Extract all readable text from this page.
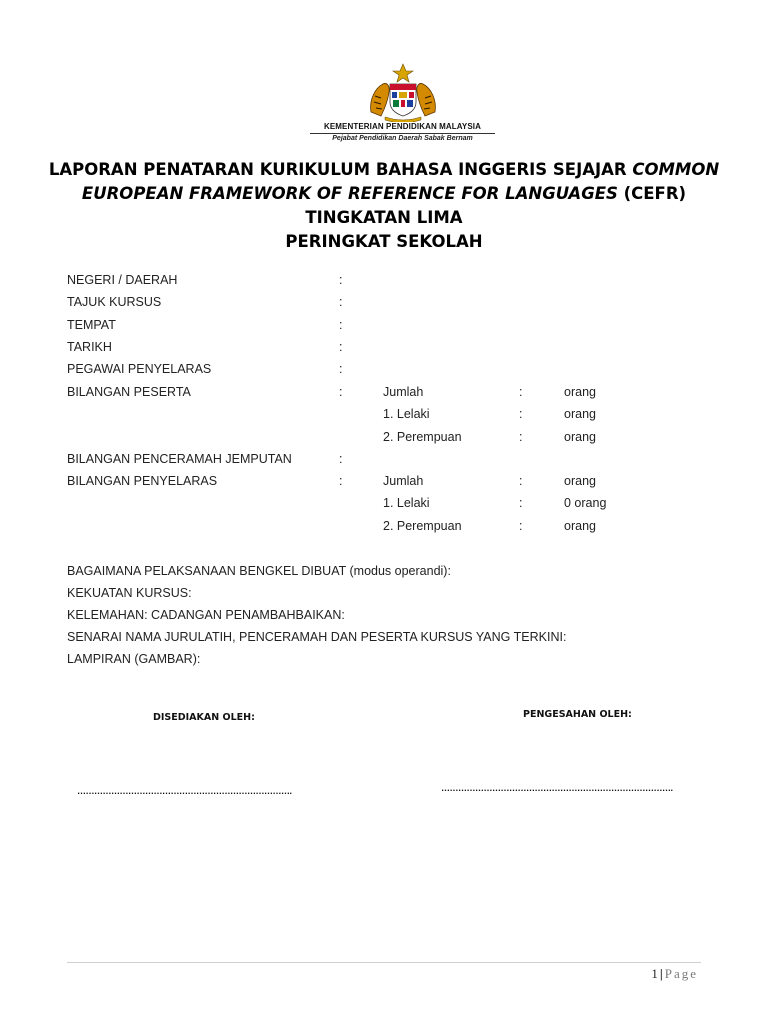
KEMENTERIAN PENDIDIKAN MALAYSIA
Pejabat Pendidikan Daerah Sabak Bernam
LAPORAN PENATARAN KURIKULUM BAHASA INGGERIS SEJAJAR COMMON
EUROPEAN FRAMEWORK OF REFERENCE FOR LANGUAGES (CEFR)
TINGKATAN LIMA
PERINGKAT SEKOLAH
NEGERI / DAERAH	:
TAJUK KURSUS	:
TEMPAT	:
TARIKH	:
PEGAWAI PENYELARAS	:
BILANGAN PESERTA	:	Jumlah	:	orang
1. Lelaki	:	orang
2. Perempuan	:	orang
BILANGAN PENCERAMAH JEMPUTAN	:
BILANGAN PENYELARAS	:	Jumlah	:	orang
1. Lelaki	:	0 orang
2. Perempuan	:	orang
BAGAIMANA PELAKSANAAN BENGKEL DIBUAT (modus operandi):
KEKUATAN KURSUS:
KELEMAHAN: CADANGAN PENAMBAHBAIKAN:
SENARAI NAMA JURULATIH, PENCERAMAH DAN PESERTA KURSUS YANG TERKINI:
LAMPIRAN (GAMBAR):
DISEDIAKAN OLEH:	PENGESAHAN OLEH:
………………………………………………………………….	……………………………………………………………………….
1 | Page
